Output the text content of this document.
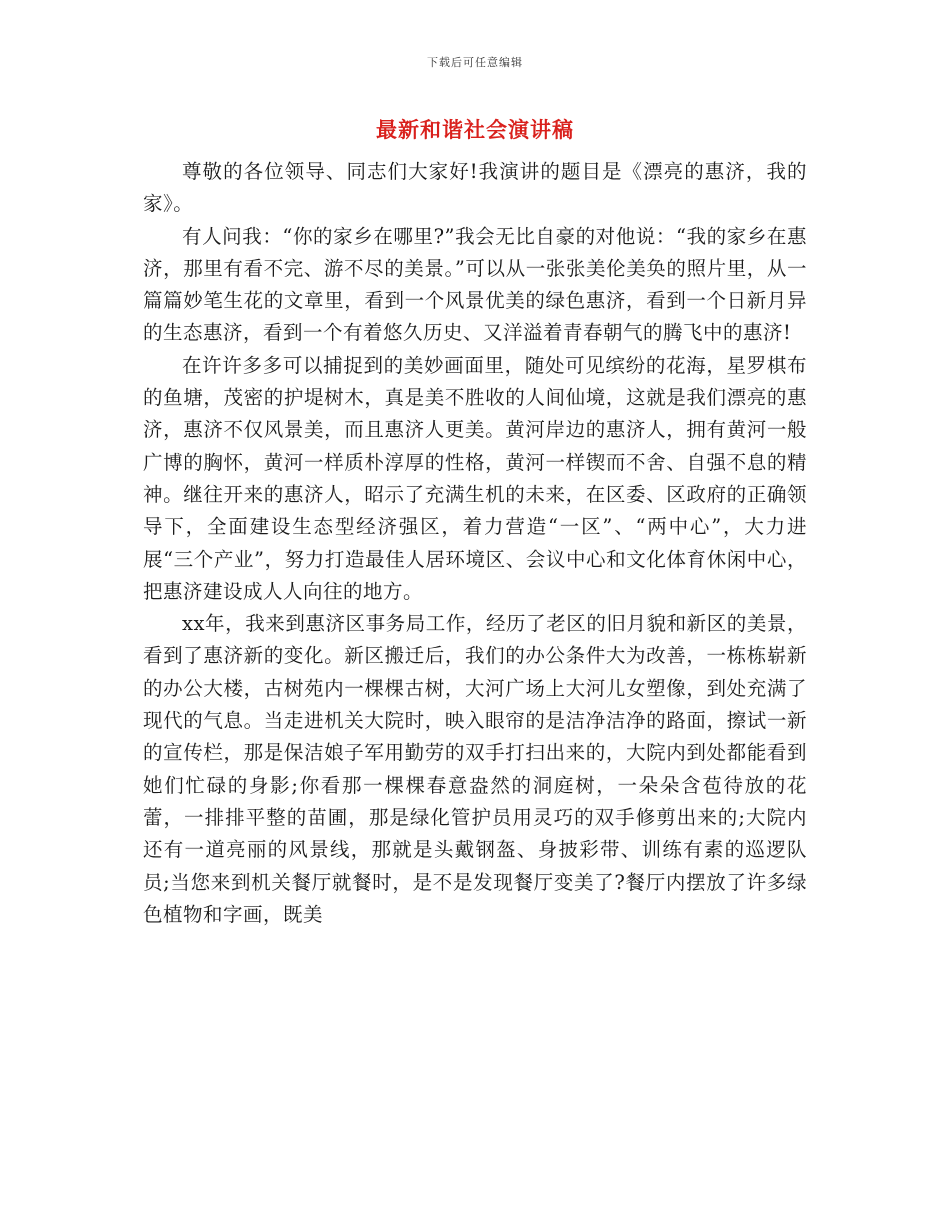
下载后可任意编辑
最新和谐社会演讲稿

尊敬的各位领导、同志们大家好!我演讲的题目是《漂亮的惠济，我的家》。

有人问我：“你的家乡在哪里?”我会无比自豪的对他说：“我的家乡在惠济，那里有看不完、游不尽的美景。”可以从一张张美伦美奂的照片里，从一篇篇妙笔生花的文章里，看到一个风景优美的绿色惠济，看到一个日新月异的生态惠济，看到一个有着悠久历史、又洋溢着青春朝气的腾飞中的惠济!

在许许多多可以捕捉到的美妙画面里，随处可见缤纷的花海，星罗棋布的鱼塘，茂密的护堤树木，真是美不胜收的人间仙境，这就是我们漂亮的惠济，惠济不仅风景美，而且惠济人更美。黄河岸边的惠济人，拥有黄河一般广博的胸怀，黄河一样质朴淳厚的性格，黄河一样锲而不舍、自强不息的精神。继往开来的惠济人，昭示了充满生机的未来，在区委、区政府的正确领导下，全面建设生态型经济强区，着力营造“一区”、“两中心”，大力进展“三个产业”，努力打造最佳人居环境区、会议中心和文化体育休闲中心，把惠济建设成人人向往的地方。

xx年，我来到惠济区事务局工作，经历了老区的旧月貌和新区的美景，看到了惠济新的变化。新区搬迁后，我们的办公条件大为改善，一栋栋崭新的办公大楼，古树苑内一棵棵古树，大河广场上大河儿女塑像，到处充满了现代的气息。当走进机关大院时，映入眼帘的是洁净洁净的路面，擦试一新的宣传栏，那是保洁娘子军用勤劳的双手打扫出来的，大院内到处都能看到她们忙碌的身影;你看那一棵棵春意盎然的洞庭树，一朵朵含苞待放的花蕾，一排排平整的苗圃，那是绿化管护员用灵巧的双手修剪出来的;大院内还有一道亮丽的风景线，那就是头戴钢盔、身披彩带、训练有素的巡逻队员;当您来到机关餐厅就餐时，是不是发现餐厅变美了?餐厅内摆放了许多绿色植物和字画，既美
